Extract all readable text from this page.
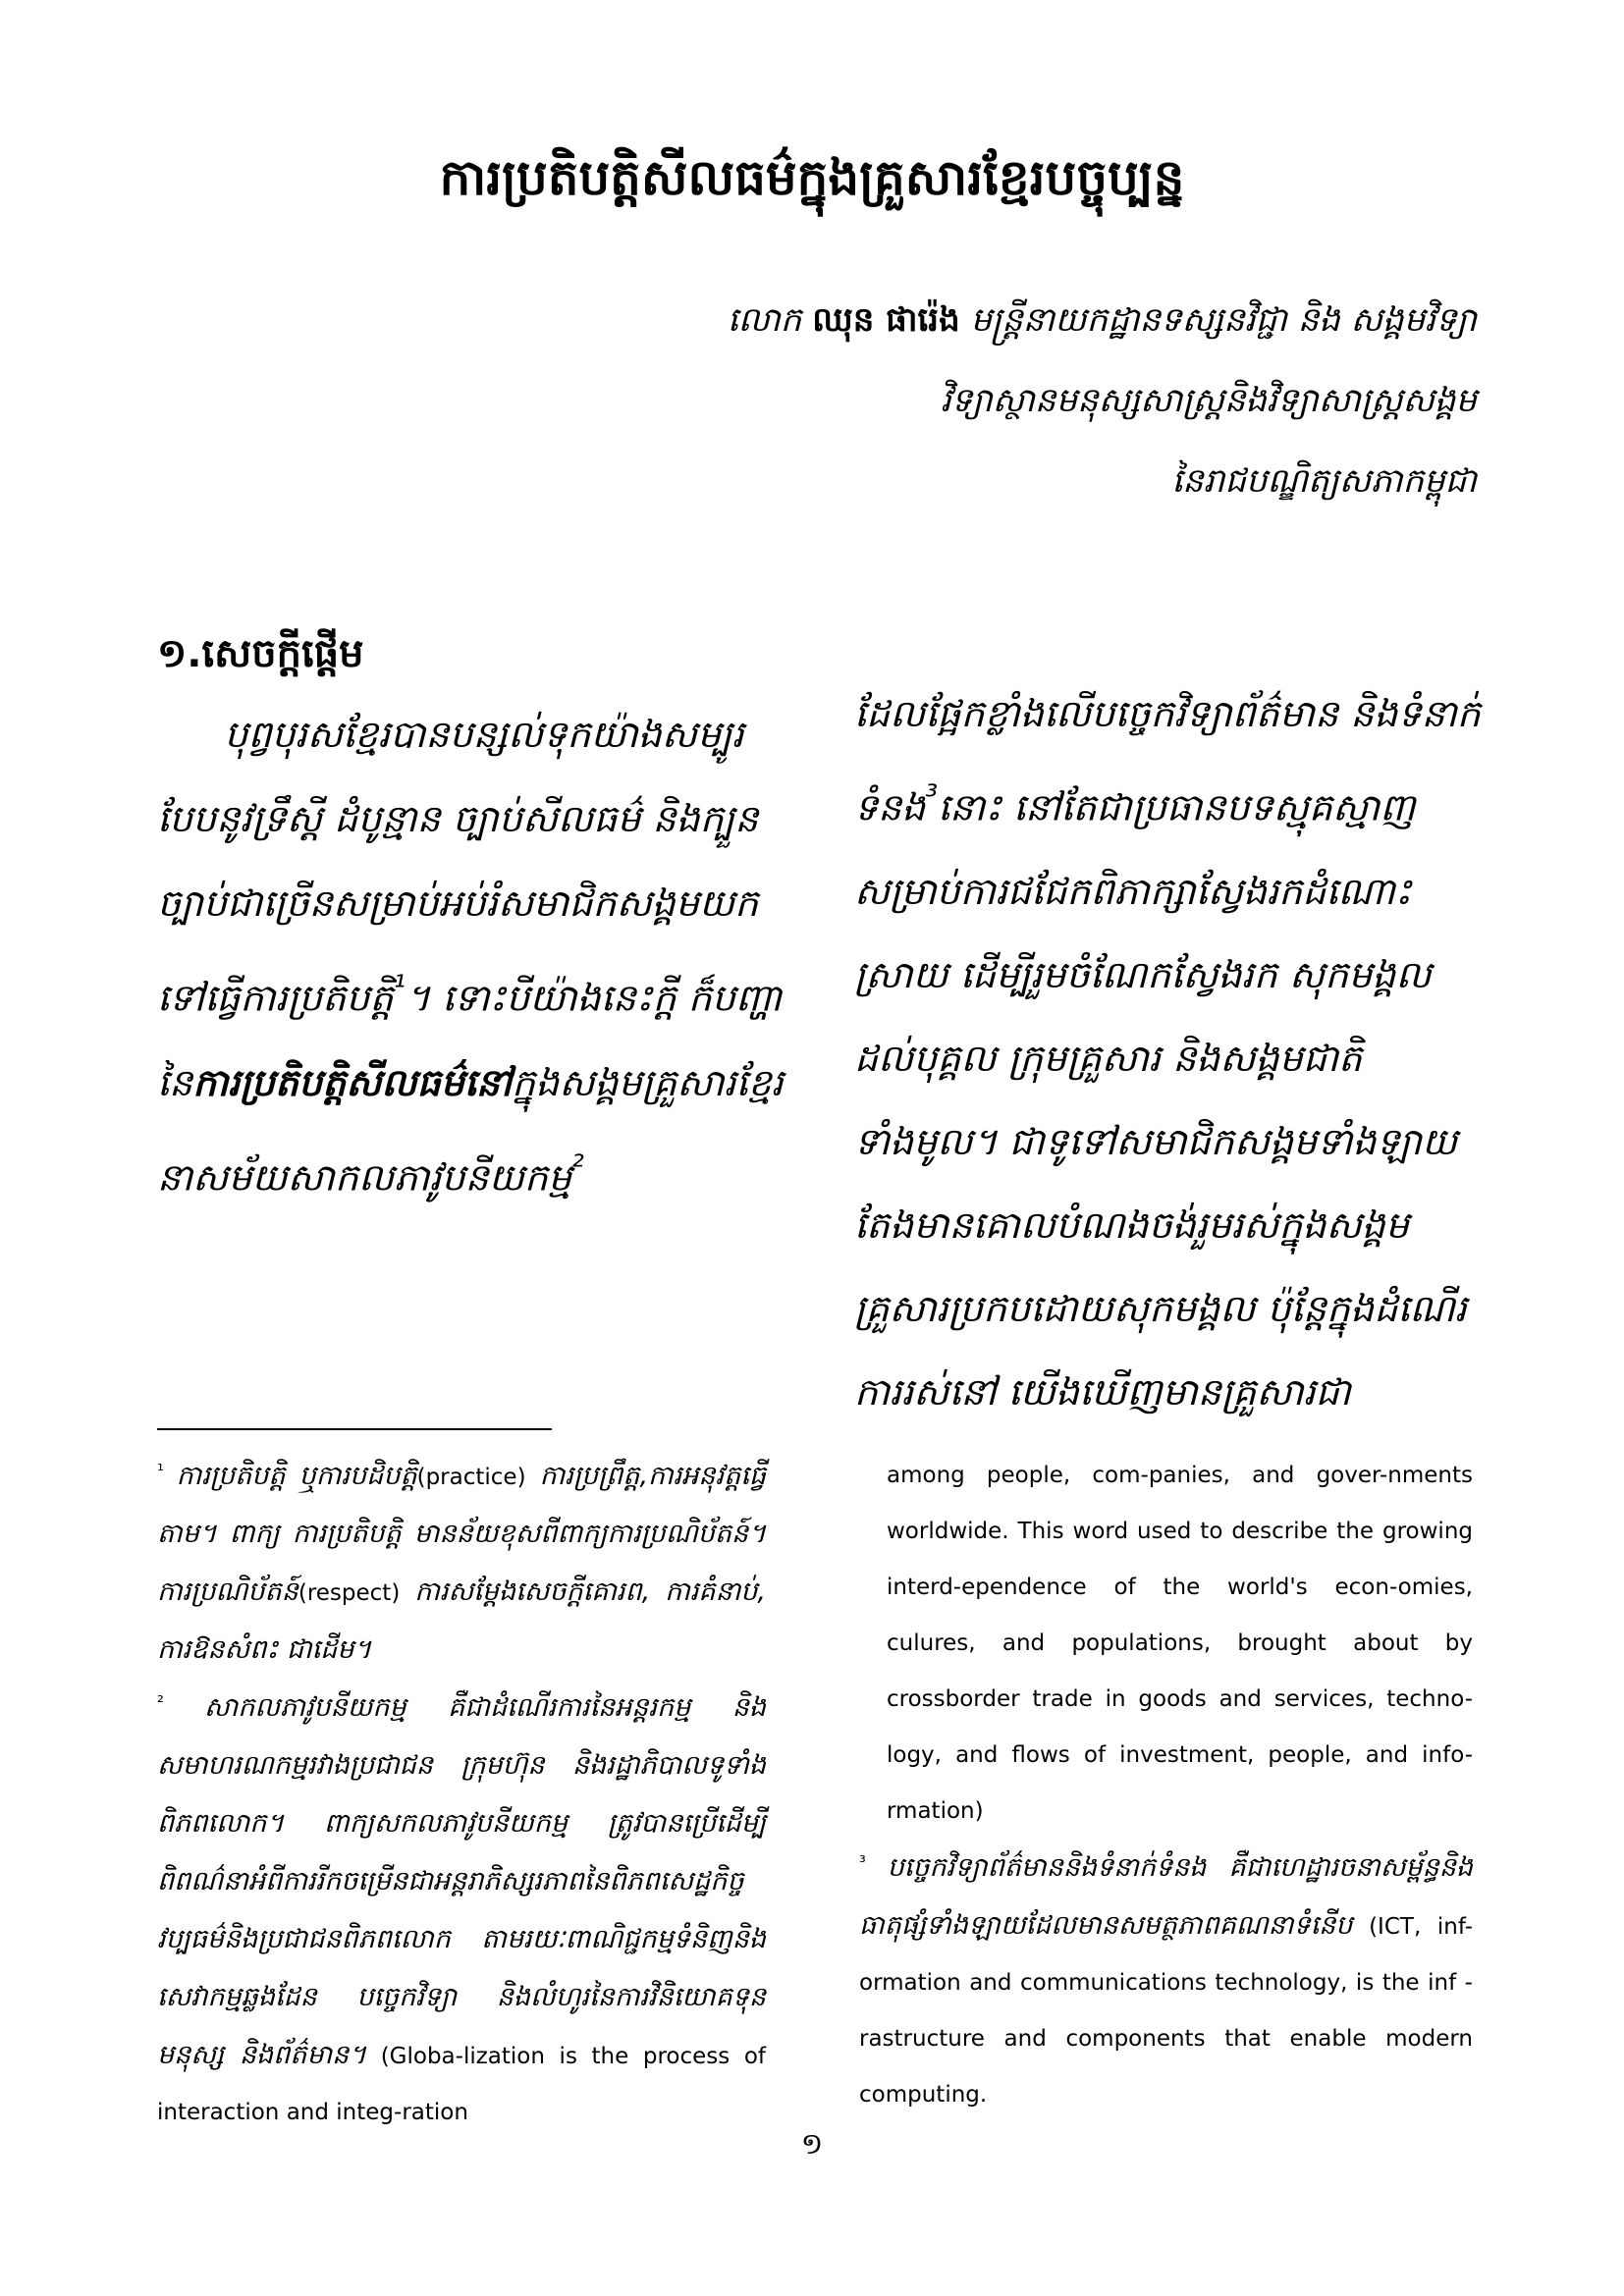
ការប្រតិបត្តិសីលធម៌ក្នុងគ្រួសារខ្មែរបច្ចុប្បន្ន
លោក ឈុន ផារ៉េង មន្ត្រីនាយកដ្ឋានទស្សនវិជ្ជា និង សង្គមវិទ្យា
វិទ្យាស្ថានមនុស្សសាស្ត្រនិងវិទ្យាសាស្ត្រសង្គម
នៃរាជបណ្ឌិត្យសភាកម្ពុជា
១.សេចក្តីផ្តើម

បុព្វបុរសខ្មែរបានបន្សល់ទុកយ៉ាងសម្បូរបែបនូវទ្រឹស្តី ដំបូន្មាន ច្បាប់សីលធម៌ និងក្បួនច្បាប់ជាច្រើនសម្រាប់អប់រំសមាជិកសង្គមយកទៅធ្វើការប្រតិបត្តិ$^{^1}$។ ទោះបីយ៉ាងនេះក្តី ក៏បញ្ហានៃការប្រតិបត្តិសីលធម៌នៅក្នុងសង្គមគ្រួសារខ្មែរ នាសម័យសាកលភាវូបនីយកម្ម$^{^2}$

ដែលផ្អែកខ្លាំងលើបច្ចេកវិទ្យាព័ត៌មាន និងទំនាក់ទំនង$^{^3}$នោះ នៅតែជាប្រធានបទស្មុគស្មាញសម្រាប់ការជជែកពិភាក្សាស្វែងរកដំណោះស្រាយ ដើម្បីរួមចំណែកស្វែងរក សុកមង្គលដល់បុគ្គល ក្រុមគ្រួសារ និងសង្គមជាតិទាំងមូល។ ជាទូទៅសមាជិកសង្គមទាំងឡាយតែងមានគោលបំណងចង់រួមរស់ក្នុងសង្គមគ្រួសារប្រកបដោយសុកមង្គល ប៉ុន្តែក្នុងដំណើរការរស់នៅ យើងឃើញមានគ្រួសារជា

$^{^1}$ ការប្រតិបត្តិ ឬការបដិបត្តិ(practice) ការប្រព្រឹត្ត,ការអនុវត្តធ្វើតាម។ ពាក្យ ការប្រតិបត្តិ មានន័យខុសពីពាក្យការប្រណិប័តន៍។ ការប្រណិប័តន៍(respect) ការសម្តែងសេចក្តីគោរព, ការគំនាប់, ការឱនសំពះ ជាដើម។

$^{^2}$ សាកលភាវូបនីយកម្ម គឺជាដំណើរការនៃអន្តរកម្ម និង សមាហរណកម្មរវាងប្រជាជន ក្រុមហ៊ុន និងរដ្ឋាភិបាលទូទាំងពិភពលោក។ ពាក្យសកលភាវូបនីយកម្ម ត្រូវបានប្រើដើម្បីពិពណ៌នាអំពីការរីកចម្រើនជាអន្តរាភិស្សរភាពនៃពិភពសេដ្ឋកិច្ច វប្បធម៌និងប្រជាជនពិភពលោក តាមរយៈពាណិជ្ជកម្មទំនិញនិងសេវាកម្មឆ្លងដែន បច្ចេកវិទ្យា និងលំហូរនៃការវិនិយោគទុន មនុស្ស និងព័ត៌មាន។ (Globa-lization is the process of interaction and integ-ration

among people, com-panies, and gover-nments worldwide. This word used to describe the growing interd-ependence of the world's econ-omies, culures, and populations, brought about by crossborder trade in goods and services, techno-logy, and flows of investment, people, and info-rmation)

$^{^3}$ បច្ចេកវិទ្យាព័ត៌មាននិងទំនាក់ទំនង គឺជាហេដ្ឋារចនាសម្ព័ន្ធនិងធាតុផ្សំទាំងឡាយដែលមានសមត្ថភាពគណនាទំនើប (ICT, inf-ormation and communications technology, is the inf -rastructure and components that enable modern computing.

១
